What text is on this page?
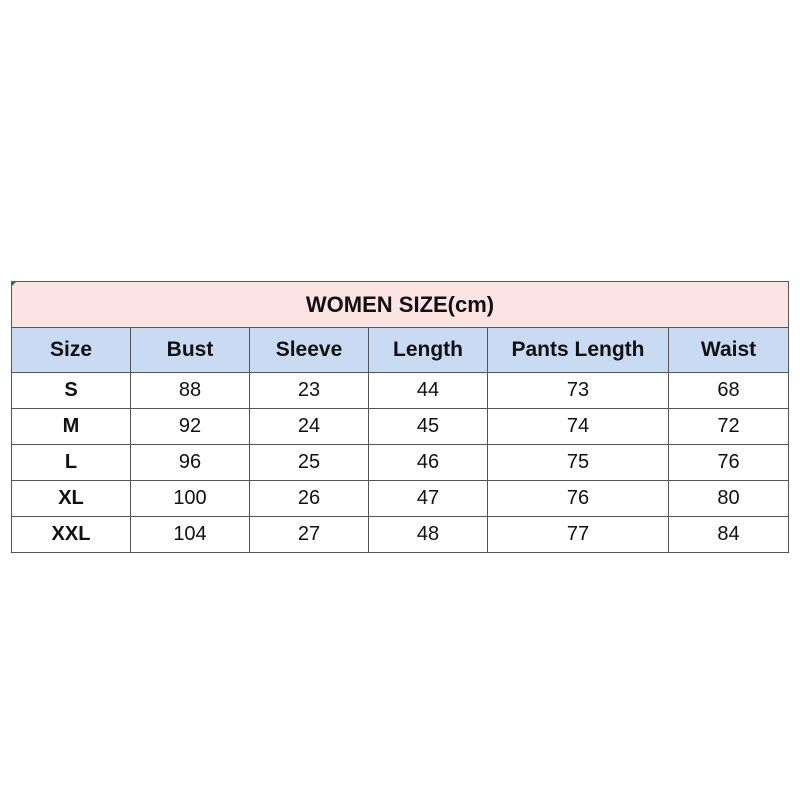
WOMEN SIZE(cm)					
Size	Bust	Sleeve	Length	Pants Length	Waist
S	88	23	44	73	68
M	92	24	45	74	72
L	96	25	46	75	76
XL	100	26	47	76	80
XXL	104	27	48	77	84
